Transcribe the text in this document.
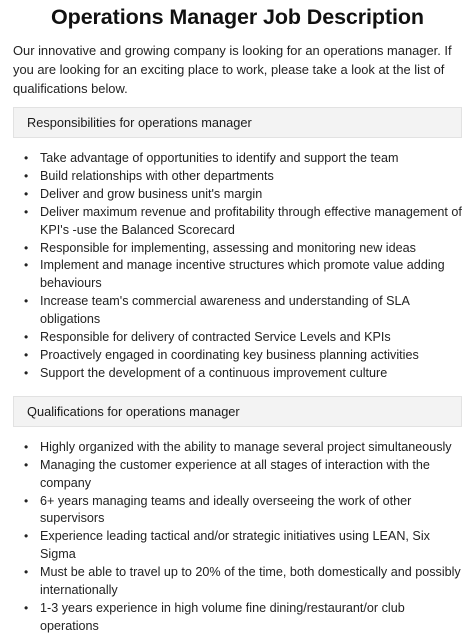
Operations Manager Job Description

Our innovative and growing company is looking for an operations manager. If you are looking for an exciting place to work, please take a look at the list of qualifications below.

Responsibilities for operations manager
• Take advantage of opportunities to identify and support the team
• Build relationships with other departments
• Deliver and grow business unit's margin
• Deliver maximum revenue and profitability through effective management of KPI's -use the Balanced Scorecard
• Responsible for implementing, assessing and monitoring new ideas
• Implement and manage incentive structures which promote value adding behaviours
• Increase team's commercial awareness and understanding of SLA obligations
• Responsible for delivery of contracted Service Levels and KPIs
• Proactively engaged in coordinating key business planning activities
• Support the development of a continuous improvement culture
Qualifications for operations manager
• Highly organized with the ability to manage several project simultaneously
• Managing the customer experience at all stages of interaction with the company
• 6+ years managing teams and ideally overseeing the work of other supervisors
• Experience leading tactical and/or strategic initiatives using LEAN, Six Sigma
• Must be able to travel up to 20% of the time, both domestically and possibly internationally
• 1-3 years experience in high volume fine dining/restaurant/or club operations
